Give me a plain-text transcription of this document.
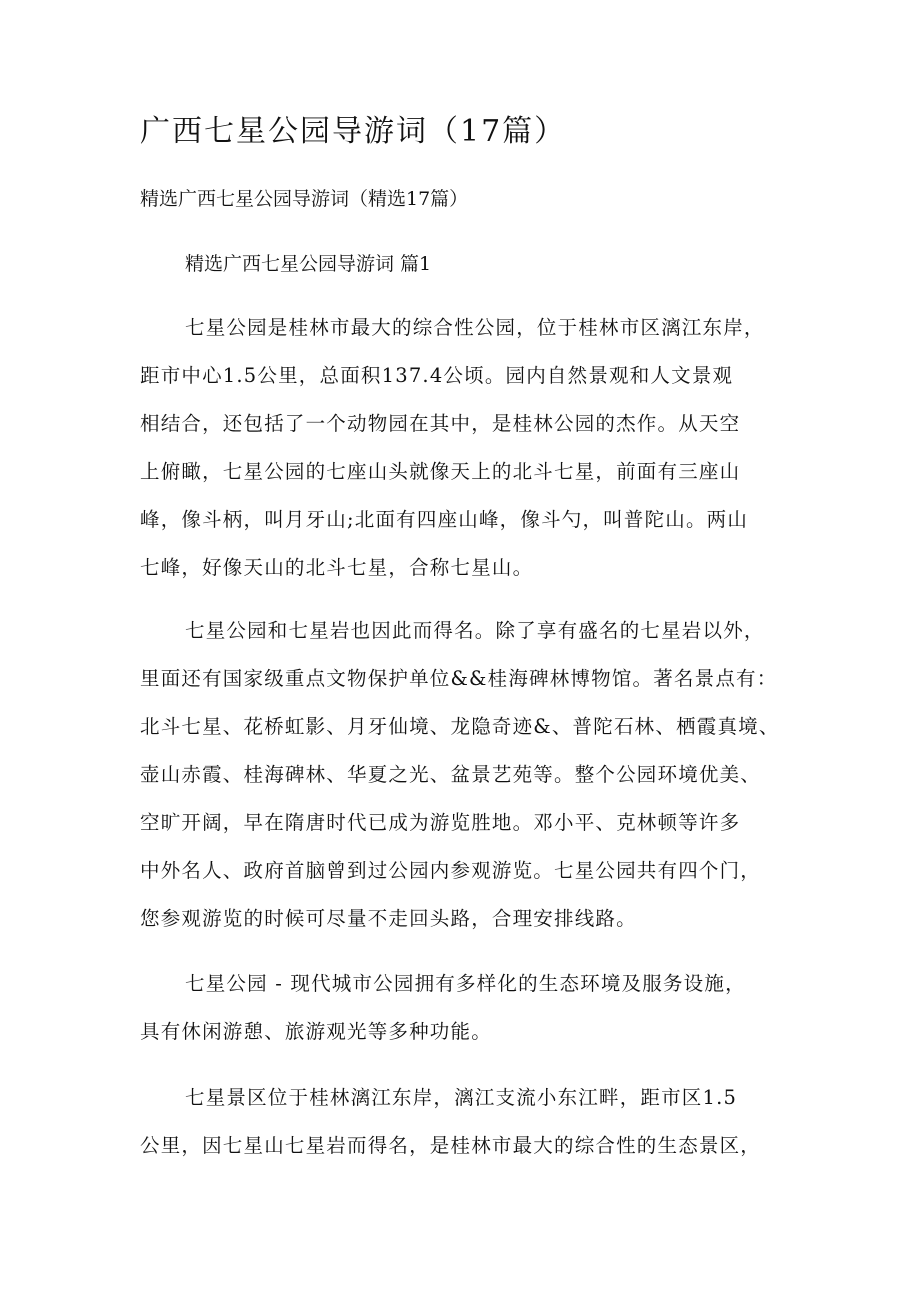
广西七星公园导游词（17篇）

精选广西七星公园导游词（精选17篇）

精选广西七星公园导游词 篇1

七星公园是桂林市最大的综合性公园，位于桂林市区漓江东岸，
距市中心1.5公里，总面积137.4公顷。园内自然景观和人文景观
相结合，还包括了一个动物园在其中，是桂林公园的杰作。从天空
上俯瞰，七星公园的七座山头就像天上的北斗七星，前面有三座山
峰，像斗柄，叫月牙山;北面有四座山峰，像斗勺，叫普陀山。两山
七峰，好像天山的北斗七星，合称七星山。
七星公园和七星岩也因此而得名。除了享有盛名的七星岩以外，
里面还有国家级重点文物保护单位&&桂海碑林博物馆。著名景点有：
北斗七星、花桥虹影、月牙仙境、龙隐奇迹&、普陀石林、栖霞真境、
壶山赤霞、桂海碑林、华夏之光、盆景艺苑等。整个公园环境优美、
空旷开阔，早在隋唐时代已成为游览胜地。邓小平、克林顿等许多
中外名人、政府首脑曾到过公园内参观游览。七星公园共有四个门，
您参观游览的时候可尽量不走回头路，合理安排线路。
七星公园 - 现代城市公园拥有多样化的生态环境及服务设施，
具有休闲游憩、旅游观光等多种功能。
七星景区位于桂林漓江东岸，漓江支流小东江畔，距市区1.5
公里，因七星山七星岩而得名，是桂林市最大的综合性的生态景区，
